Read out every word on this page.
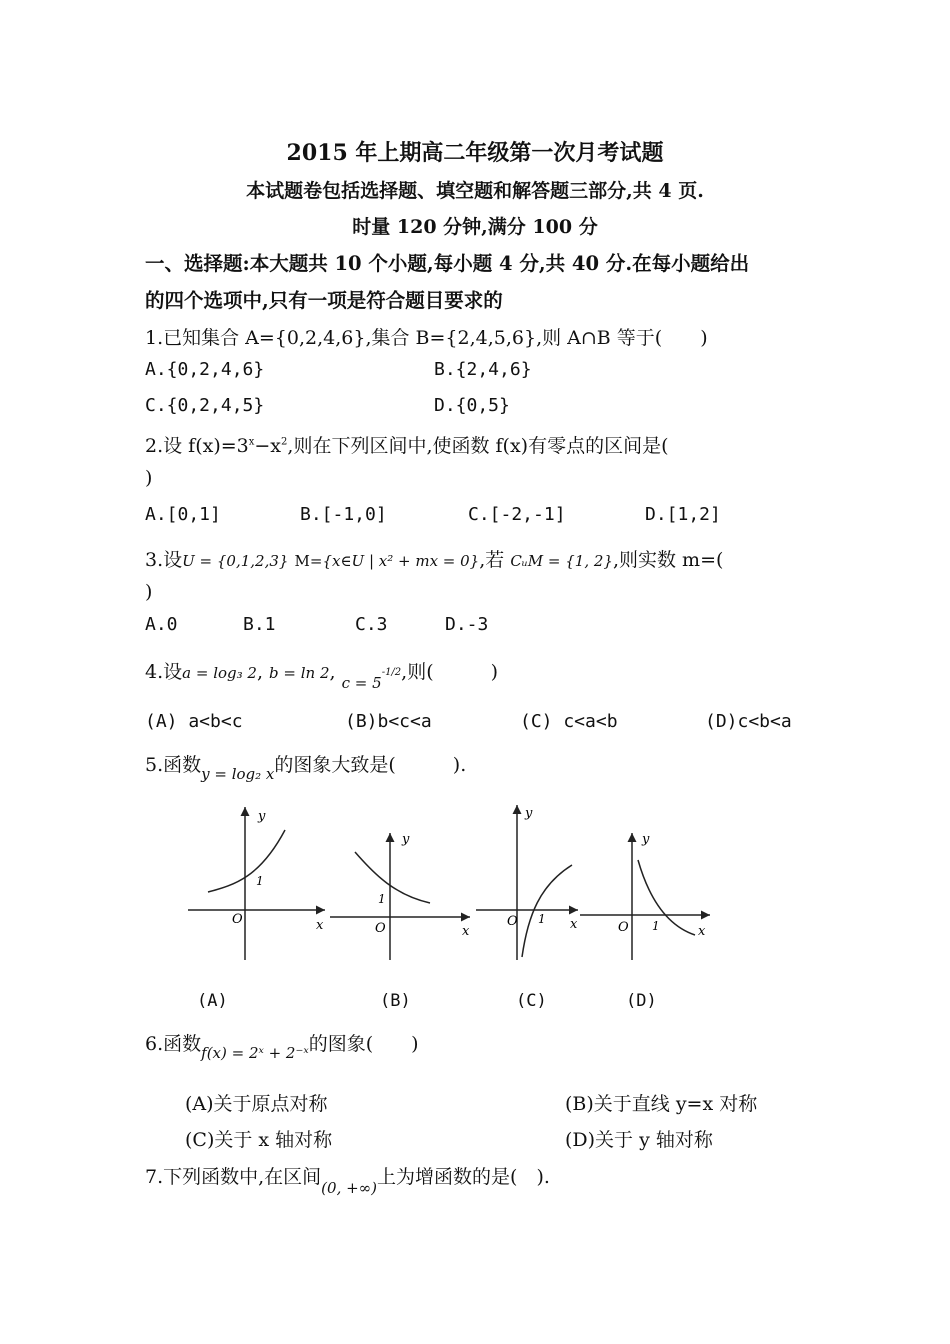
2015 年上期高二年级第一次月考试题
本试题卷包括选择题、填空题和解答题三部分,共 4 页.
时量 120 分钟,满分 100 分
一、选择题:本大题共 10 个小题,每小题 4 分,共 40 分.在每小题给出
的四个选项中,只有一项是符合题目要求的
1.已知集合 A={0,2,4,6},集合 B={2,4,5,6},则 A∩B 等于(　　)
A.{0,2,4,6}	B.{2,4,6}
C.{0,2,4,5}	D.{0,5}
2.设 $f(x)=3^x-x^2$,则在下列区间中,使函数 f(x)有零点的区间是(
)
A.[0,1]	B.[-1,0]	C.[-2,-1]	D.[1,2]
3.设U = {0,1,2,3} M={x∈U | x² + mx = 0},若 CᵤM = {1, 2},则实数 m=(
)
A.0	B.1	C.3	D.-3
4.设a = log₃ 2, b = ln 2, $_{c = 5}^{-1/2}$,则(　　　)
(A) a<b<c	(B)b<c<a	(C) c<a<b	(D)c<b<a
5.函数$_{y = log_2 x}$的图象大致是(　　　).
y
x
O
1
y
x
O
1
y
x
O 1
y
x
O 1
(A)	(B)	(C)	(D)
6.函数$_{f(x) = 2ˣ + 2^-ˣ}$的图象(　　)
(A)关于原点对称	(B)关于直线 y=x 对称
(C)关于 x 轴对称	(D)关于 y 轴对称
7.下列函数中,在区间$_{(0, +\infty)}$上为增函数的是(　).　
